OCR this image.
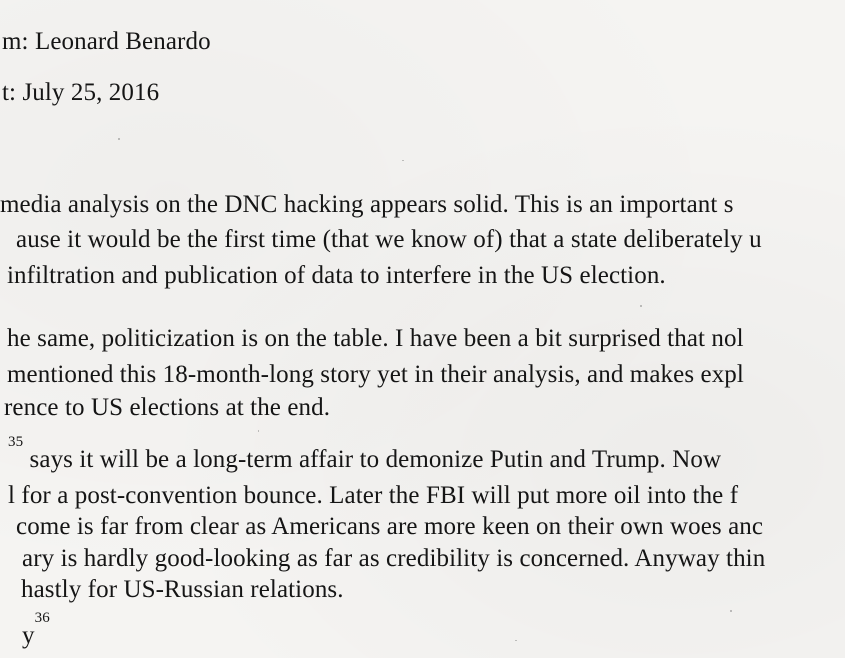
m: Leonard Benardo
t: July 25, 2016
media analysis on the DNC hacking appears solid. This is an important s
ause it would be the first time (that we know of) that a state deliberately u
infiltration and publication of data to interfere in the US election.
he same, politicization is on the table. I have been a bit surprised that nol
mentioned this 18-month-long story yet in their analysis, and makes expl
rence to US elections at the end.
$^{35}$ says it will be a long-term affair to demonize Putin and Trump. Now
l for a post-convention bounce. Later the FBI will put more oil into the f
come is far from clear as Americans are more keen on their own woes anc
ary is hardly good-looking as far as credibility is concerned. Anyway thin
hastly for US-Russian relations.
$y^{36}$
